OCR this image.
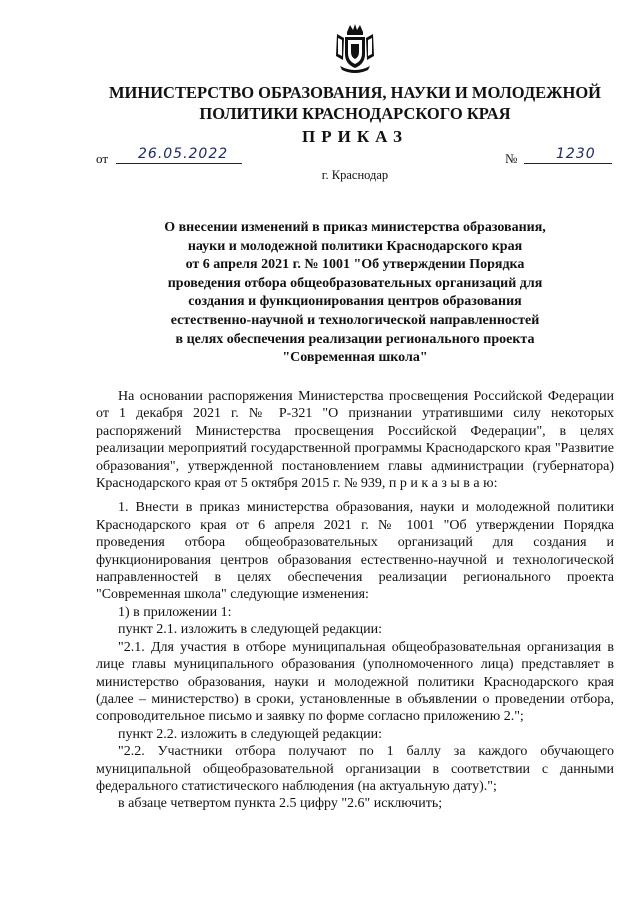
МИНИСТЕРСТВО ОБРАЗОВАНИЯ, НАУКИ И МОЛОДЕЖНОЙ
ПОЛИТИКИ КРАСНОДАРСКОГО КРАЯ
ПРИКАЗ
от 26.05.2022	№	1230
г. Краснодар
О внесении изменений в приказ министерства образования,
науки и молодежной политики Краснодарского края
от 6 апреля 2021 г. № 1001 "Об утверждении Порядка
проведения отбора общеобразовательных организаций для
создания и функционирования центров образования
естественно-научной и технологической направленностей
в целях обеспечения реализации регионального проекта
"Современная школа"

На основании распоряжения Министерства просвещения Российской Федерации от 1 декабря 2021 г. № Р-321 "О признании утратившими силу некоторых распоряжений Министерства просвещения Российской Федерации", в целях реализации мероприятий государственной программы Краснодарского края "Развитие образования", утвержденной постановлением главы администрации (губернатора) Краснодарского края от 5 октября 2015 г. № 939, п р и к а з ы в а ю:

1. Внести в приказ министерства образования, науки и молодежной политики Краснодарского края от 6 апреля 2021 г. № 1001 "Об утверждении Порядка проведения отбора общеобразовательных организаций для создания и функционирования центров образования естественно-научной и технологической направленностей в целях обеспечения реализации регионального проекта "Современная школа" следующие изменения:

1) в приложении 1:

пункт 2.1. изложить в следующей редакции:

"2.1. Для участия в отборе муниципальная общеобразовательная организация в лице главы муниципального образования (уполномоченного лица) представляет в министерство образования, науки и молодежной политики Краснодарского края (далее – министерство) в сроки, установленные в объявлении о проведении отбора, сопроводительное письмо и заявку по форме согласно приложению 2.";

пункт 2.2. изложить в следующей редакции:

"2.2. Участники отбора получают по 1 баллу за каждого обучающего муниципальной общеобразовательной организации в соответствии с данными федерального статистического наблюдения (на актуальную дату).";

в абзаце четвертом пункта 2.5 цифру "2.6" исключить;
